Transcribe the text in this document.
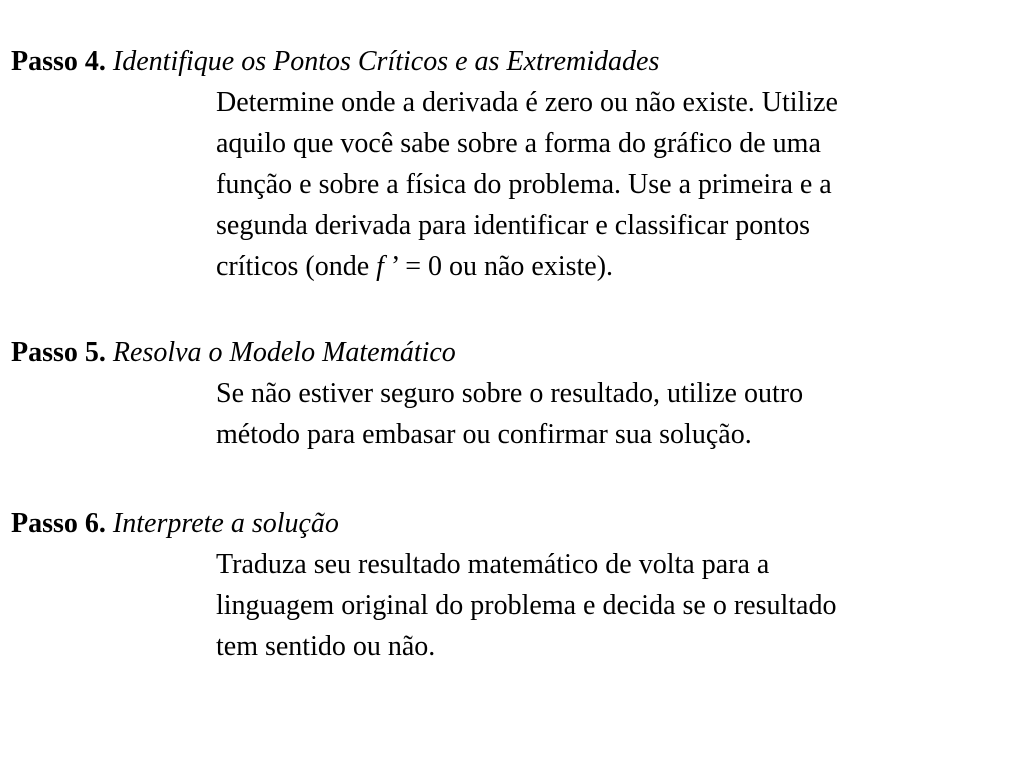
Passo 4. Identifique os Pontos Críticos e as Extremidades

Determine onde a derivada é zero ou não existe. Utilize
aquilo que você sabe sobre a forma do gráfico de uma
função e sobre a física do problema. Use a primeira e a
segunda derivada para identificar e classificar pontos
críticos (onde f ’ = 0 ou não existe).

Passo 5. Resolva o Modelo Matemático

Se não estiver seguro sobre o resultado, utilize outro
método para embasar ou confirmar sua solução.

Passo 6. Interprete a solução

Traduza seu resultado matemático de volta para a
linguagem original do problema e decida se o resultado
tem sentido ou não.
